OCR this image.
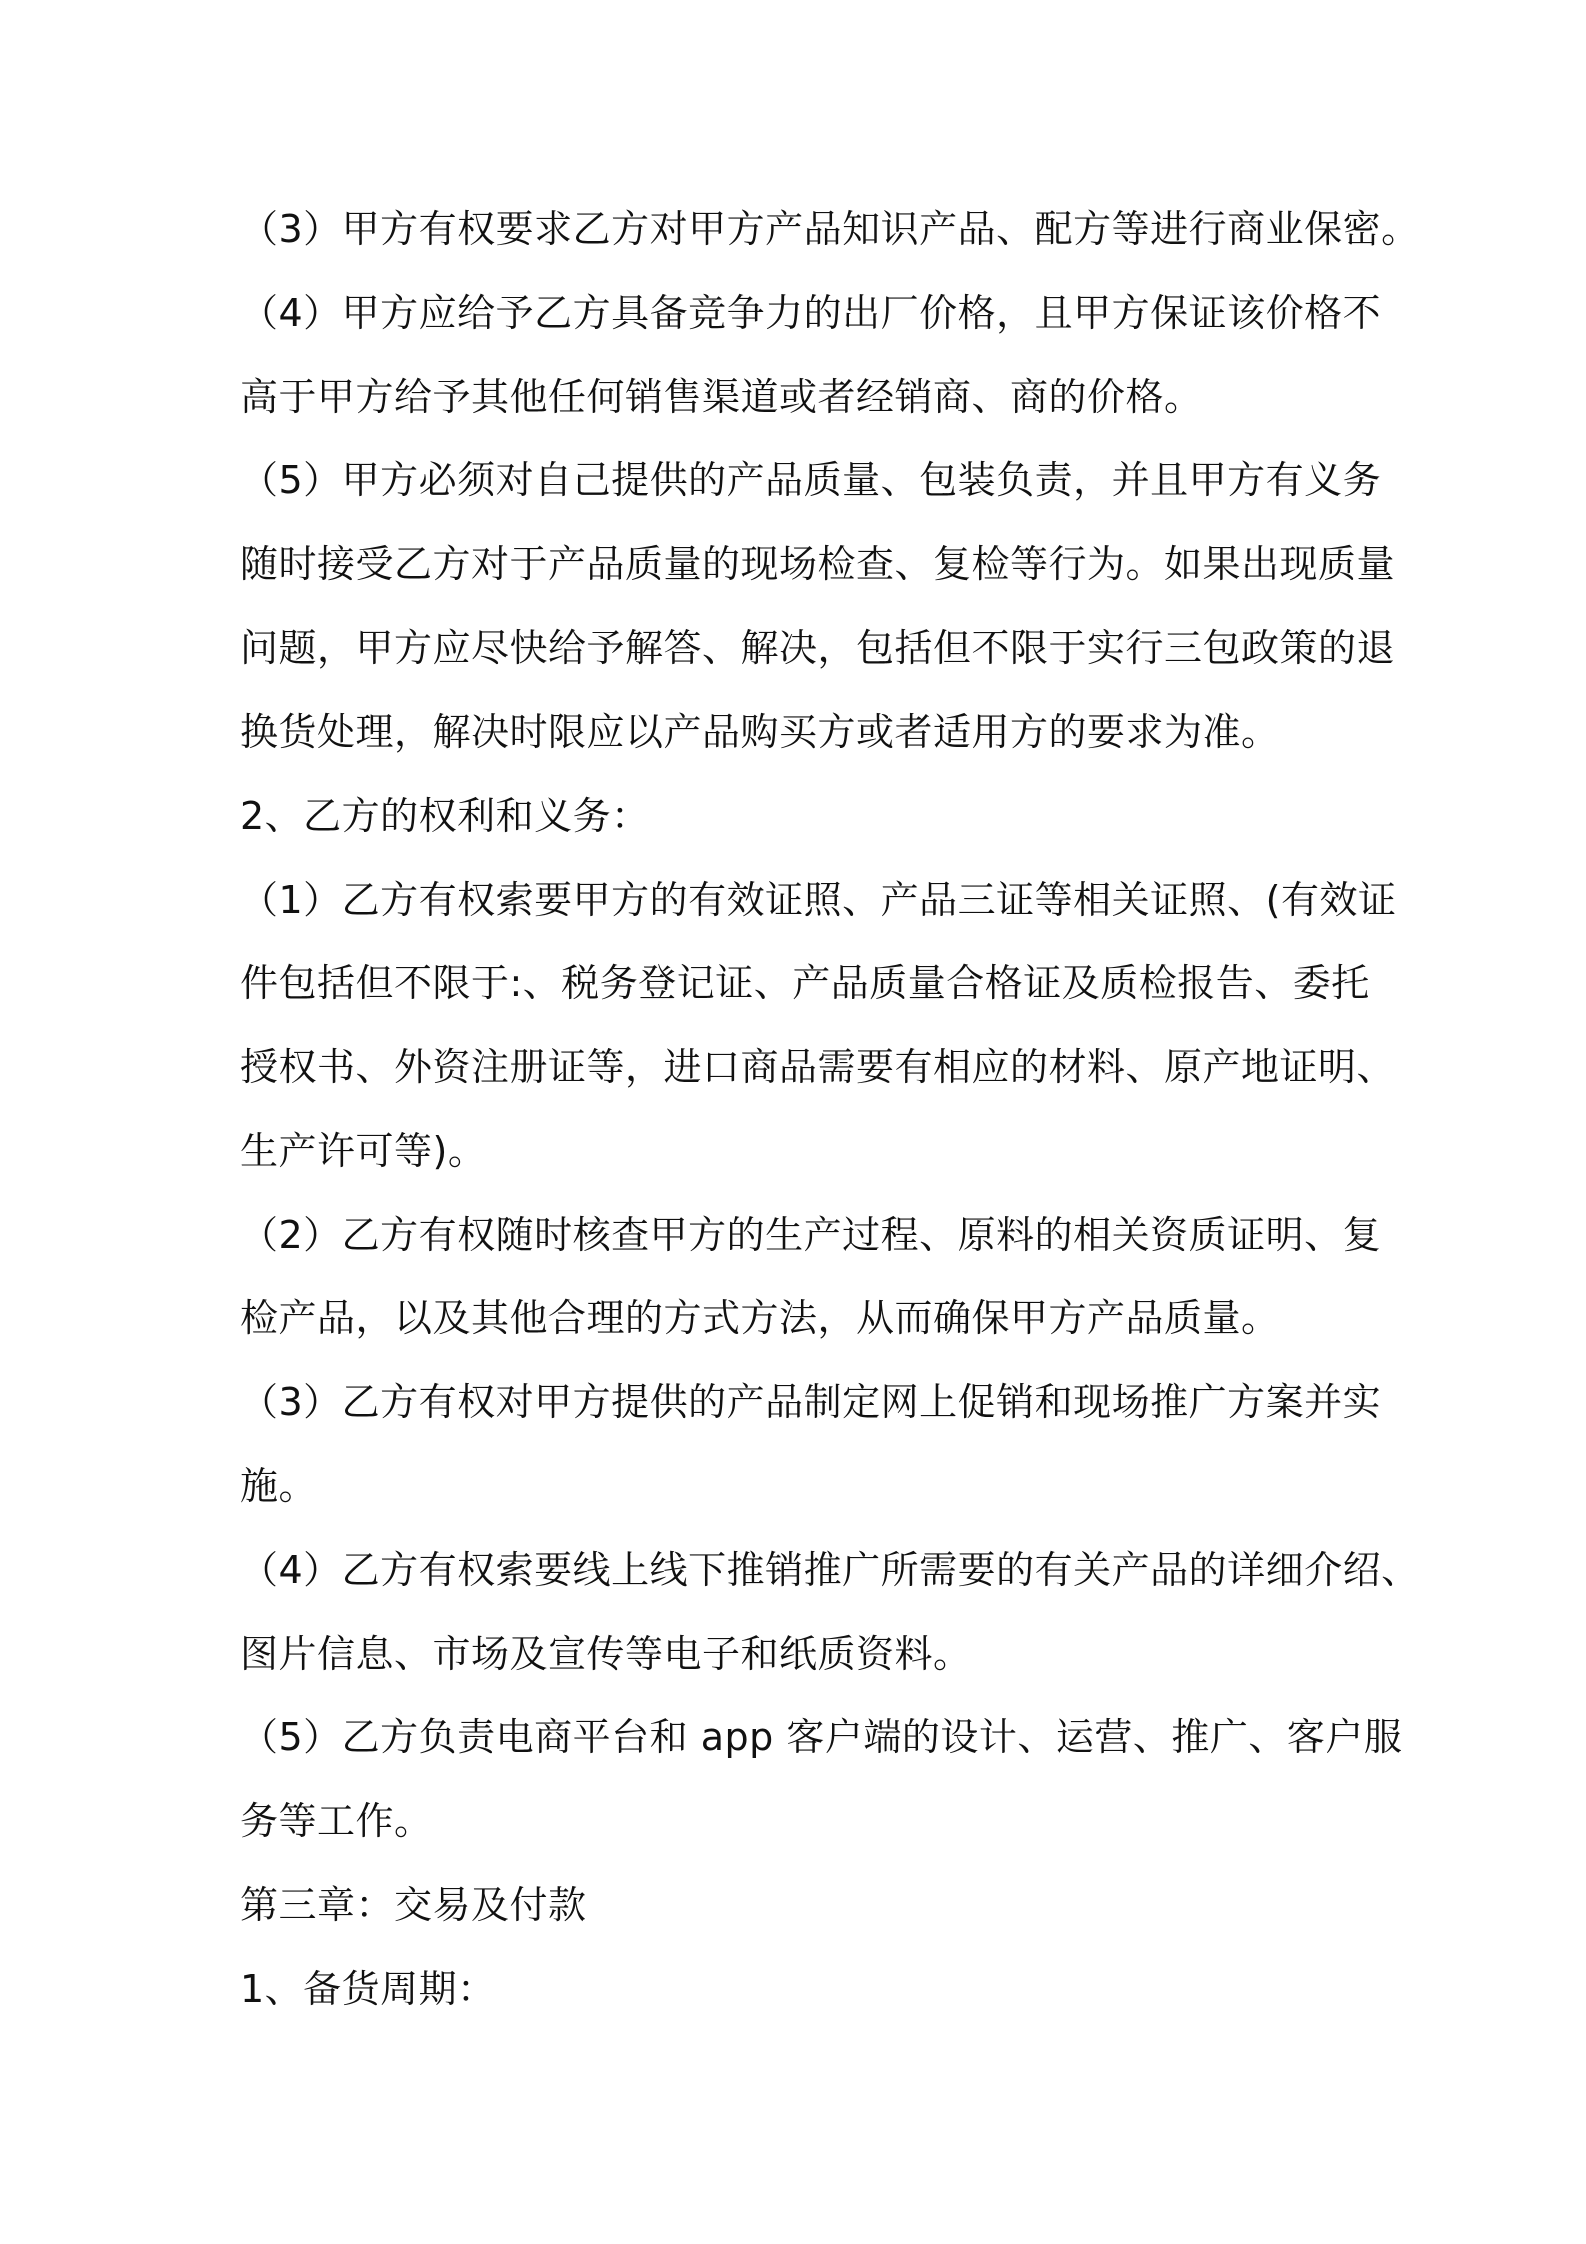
（3）甲方有权要求乙方对甲方产品知识产品、配方等进行商业保密。
（4）甲方应给予乙方具备竞争力的出厂价格，且甲方保证该价格不
高于甲方给予其他任何销售渠道或者经销商、商的价格。
（5）甲方必须对自己提供的产品质量、包装负责，并且甲方有义务
随时接受乙方对于产品质量的现场检查、复检等行为。如果出现质量
问题，甲方应尽快给予解答、解决，包括但不限于实行三包政策的退
换货处理，解决时限应以产品购买方或者适用方的要求为准。
2、乙方的权利和义务：
（1）乙方有权索要甲方的有效证照、产品三证等相关证照、(有效证
件包括但不限于:、税务登记证、产品质量合格证及质检报告、委托
授权书、外资注册证等，进口商品需要有相应的材料、原产地证明、
生产许可等)。
（2）乙方有权随时核查甲方的生产过程、原料的相关资质证明、复
检产品，以及其他合理的方式方法，从而确保甲方产品质量。
（3）乙方有权对甲方提供的产品制定网上促销和现场推广方案并实
施。
（4）乙方有权索要线上线下推销推广所需要的有关产品的详细介绍、
图片信息、市场及宣传等电子和纸质资料。
（5）乙方负责电商平台和 app 客户端的设计、运营、推广、客户服
务等工作。
第三章：交易及付款
1、备货周期：
